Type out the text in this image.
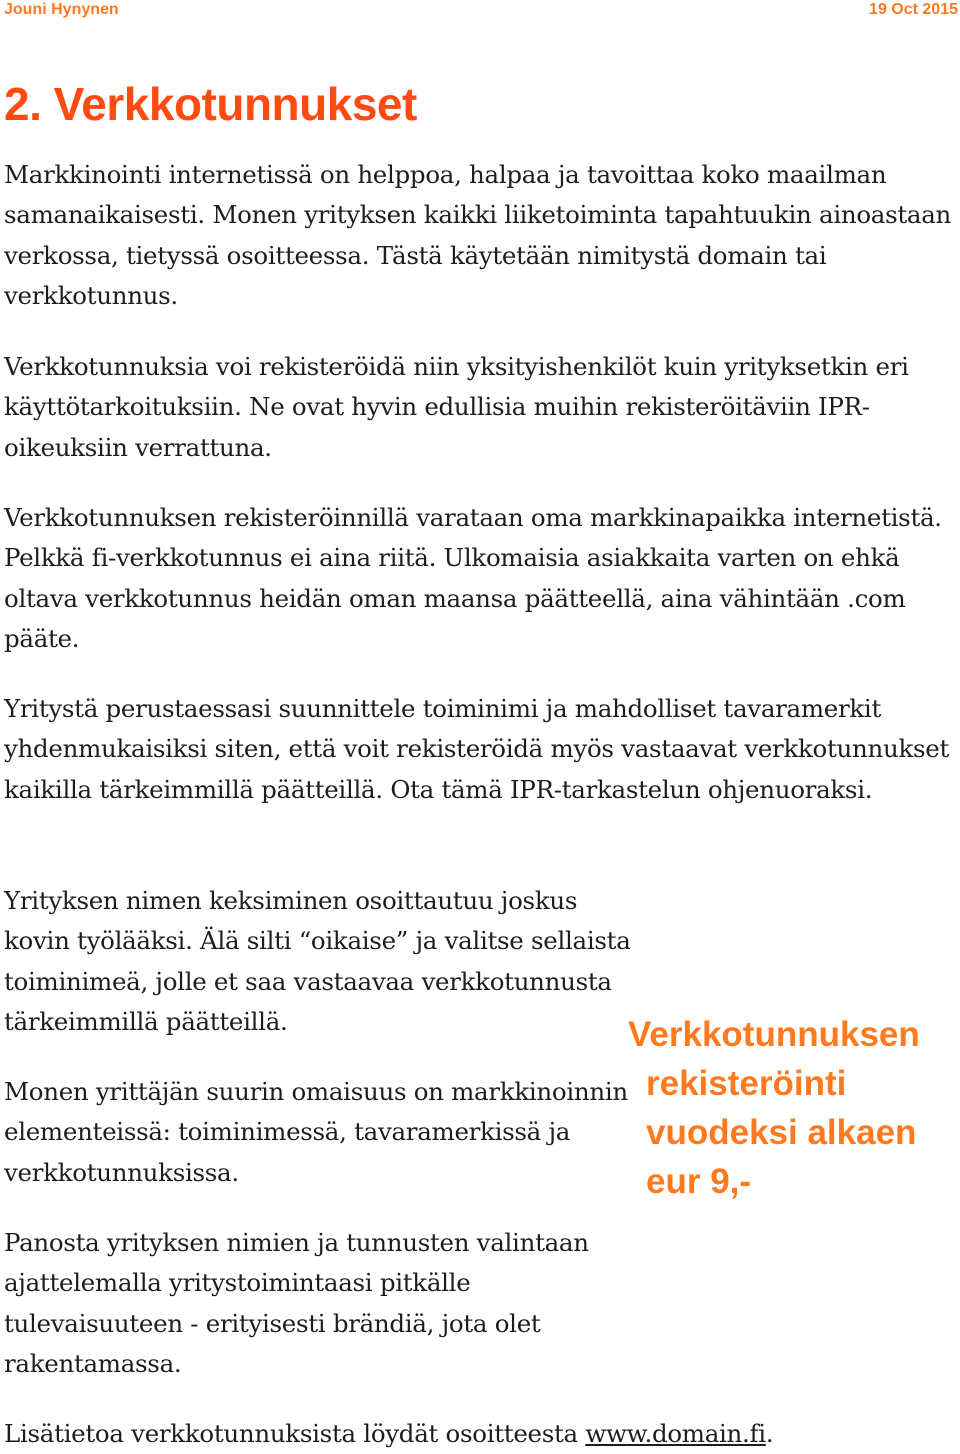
Jouni Hynynen	19 Oct 2015
2. Verkkotunnukset

Markkinointi internetissä on helppoa, halpaa ja tavoittaa koko maailman samanaikaisesti. Monen yrityksen kaikki liiketoiminta tapahtuukin ainoastaan verkossa, tietyssä osoitteessa. Tästä käytetään nimitystä domain tai verkkotunnus.

Verkkotunnuksia voi rekisteröidä niin yksityishenkilöt kuin yrityksetkin eri käyttötarkoituksiin. Ne ovat hyvin edullisia muihin rekisteröitäviin IPR-oikeuksiin verrattuna.

Verkkotunnuksen rekisteröinnillä varataan oma markkinapaikka internetistä. Pelkkä fi-verkkotunnus ei aina riitä. Ulkomaisia asiakkaita varten on ehkä oltava verkkotunnus heidän oman maansa päätteellä, aina vähintään .com pääte.

Yritystä perustaessasi suunnittele toiminimi ja mahdolliset tavaramerkit yhdenmukaisiksi siten, että voit rekisteröidä myös vastaavat verkkotunnukset kaikilla tärkeimmillä päätteillä. Ota tämä IPR-tarkastelun ohjenuoraksi.

Yrityksen nimen keksiminen osoittautuu joskus kovin työlääksi. Älä silti “oikaise” ja valitse sellaista toiminimeä, jolle et saa vastaavaa verkkotunnusta tärkeimmillä päätteillä.

Monen yrittäjän suurin omaisuus on markkinoinnin elementeissä: toiminimessä, tavaramerkissä ja verkkotunnuksissa.

Panosta yrityksen nimien ja tunnusten valintaan ajattelemalla yritystoimintaasi pitkälle tulevaisuuteen - erityisesti brändiä, jota olet rakentamassa.

Lisätietoa verkkotunnuksista löydät osoitteesta www.domain.fi.

Verkkotunnuksen
rekisteröinti
vuodeksi alkaen
eur 9,-
